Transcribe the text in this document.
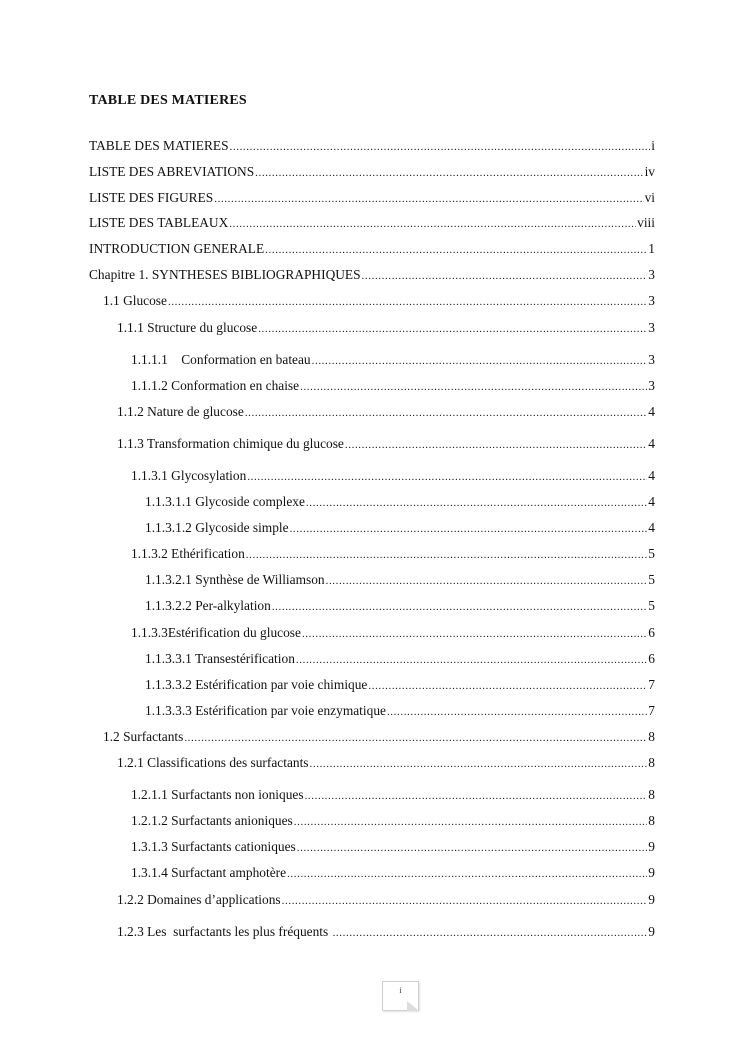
TABLE DES MATIERES
TABLE DES MATIERES .....	i
LISTE DES ABREVIATIONS .....	iv
LISTE DES FIGURES .....	vi
LISTE DES TABLEAUX .....	viii
INTRODUCTION GENERALE .....	1
Chapitre 1. SYNTHESES BIBLIOGRAPHIQUES .....	3
1.1 Glucose .....	3
1.1.1 Structure du glucose .....	3
1.1.1.1    Conformation en bateau .....	3
1.1.1.2 Conformation en chaise .....	3
1.1.2 Nature de glucose .....	4
1.1.3 Transformation chimique du glucose .....	4
1.1.3.1 Glycosylation .....	4
1.1.3.1.1 Glycoside complexe .....	4
1.1.3.1.2 Glycoside simple .....	4
1.1.3.2 Ethérification .....	5
1.1.3.2.1 Synthèse de Williamson .....	5
1.1.3.2.2 Per-alkylation .....	5
1.1.3.3Estérification du glucose .....	6
1.1.3.3.1 Transestérification .....	6
1.1.3.3.2 Estérification par voie chimique .....	7
1.1.3.3.3 Estérification par voie enzymatique .....	7
1.2 Surfactants .....	8
1.2.1 Classifications des surfactants .....	8
1.2.1.1 Surfactants non ioniques .....	8
1.2.1.2 Surfactants anioniques .....	8
1.3.1.3 Surfactants cationiques .....	9
1.3.1.4 Surfactant amphotère .....	9
1.2.2 Domaines d’applications .....	9
1.2.3 Les  surfactants les plus fréquents .....	9
i
